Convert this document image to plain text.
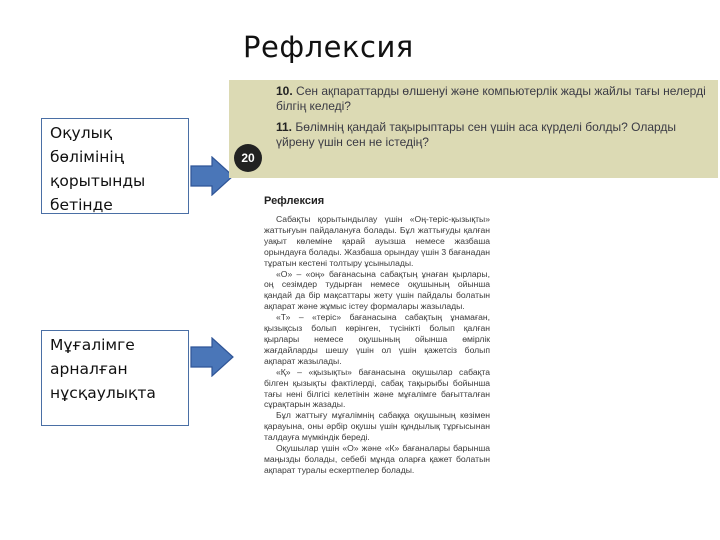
Рефлексия
Оқулық бөлімінің қорытынды бетінде
Мұғалімге арналған нұсқаулықта
20

10. Сен ақпараттарды өлшенуі және компьютерлік жады жайлы тағы нелерді білгің келеді?

11. Бөлімнің қандай тақырыптары сен үшін аса күрделі болды? Оларды үйрену үшін сен не істедің?

Рефлексия

Сабақты қорытындылау үшін «Оң-теріс-қызықты» жаттығуын пайдалануға болады. Бұл жаттығуды қалған уақыт көлеміне қарай ауызша немесе жазбаша орындауға болады. Жазбаша орындау үшін 3 бағанадан тұратын кестені толтыру ұсынылады.

«О» – «оң» бағанасына сабақтың ұнаған қырлары, оң сезімдер тудырған немесе оқушының ойынша қандай да бір мақсаттары жету үшін пайдалы болатын ақпарат және жұмыс істеу формалары жазылады.

«Т» – «теріс» бағанасына сабақтың ұнамаған, қызықсыз болып көрінген, түсінікті болып қалған қырлары немесе оқушының ойынша өмірлік жағдайларды шешу үшін ол үшін қажетсіз болып ақпарат жазылады.

«Қ» – «қызықты» бағанасына оқушылар сабақта білген қызықты фактілерді, сабақ тақырыбы бойынша тағы нені білгісі келетінін және мұғалімге бағытталған сұрақтарын жазады.

Бұл жаттығу мұғалімнің сабаққа оқушының көзімен қарауына, оны әрбір оқушы үшін құндылық тұрғысынан талдауға мүмкіндік береді.

Оқушылар үшін «О» және «К» бағаналары барынша маңызды болады, себебі мұнда оларға қажет болатын ақпарат туралы ескертпелер болады.
